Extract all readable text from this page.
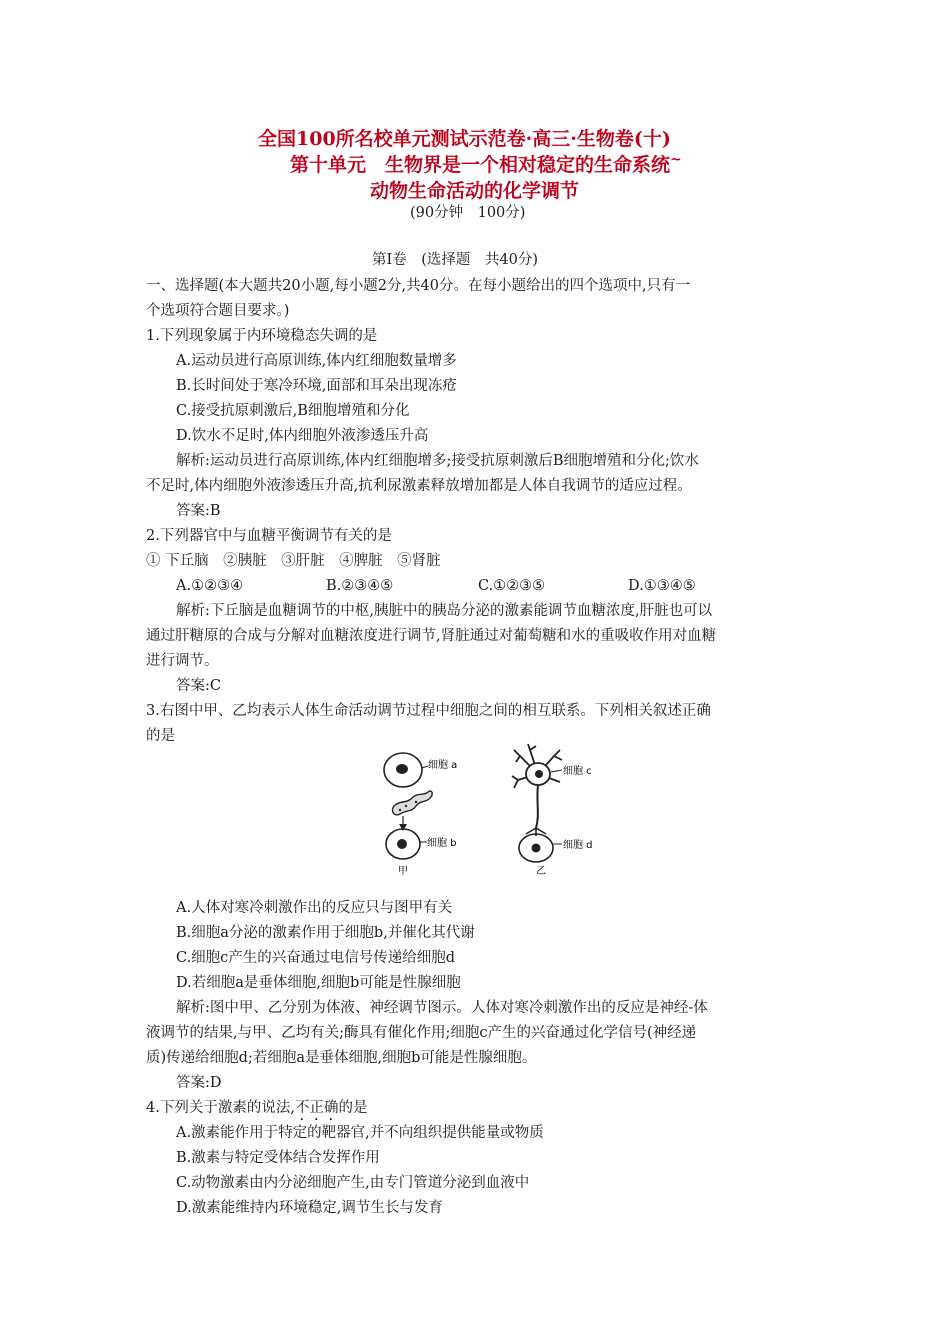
全国100所名校单元测试示范卷·高三·生物卷(十)
第十单元　生物界是一个相对稳定的生命系统~
动物生命活动的化学调节
(90分钟　100分)
第Ⅰ卷　(选择题　共40分)
一、选择题(本大题共20小题,每小题2分,共40分。在每小题给出的四个选项中,只有一
个选项符合题目要求。)
1.下列现象属于内环境稳态失调的是
A.运动员进行高原训练,体内红细胞数量增多
B.长时间处于寒冷环境,面部和耳朵出现冻疮
C.接受抗原刺激后,B细胞增殖和分化
D.饮水不足时,体内细胞外液渗透压升高
解析:运动员进行高原训练,体内红细胞增多;接受抗原刺激后B细胞增殖和分化;饮水
不足时,体内细胞外液渗透压升高,抗利尿激素释放增加都是人体自我调节的适应过程。
答案:B
2.下列器官中与血糖平衡调节有关的是
① 下丘脑　②胰脏　③肝脏　④脾脏　⑤肾脏
A.①②③④	B.②③④⑤	C.①②③⑤	D.①③④⑤
解析:下丘脑是血糖调节的中枢,胰脏中的胰岛分泌的激素能调节血糖浓度,肝脏也可以
通过肝糖原的合成与分解对血糖浓度进行调节,肾脏通过对葡萄糖和水的重吸收作用对血糖
进行调节。
答案:C
3.右图中甲、乙均表示人体生命活动调节过程中细胞之间的相互联系。下列相关叙述正确
的是
细胞 a
细胞 b
甲
细胞 c
细胞 d
乙
A.人体对寒冷刺激作出的反应只与图甲有关
B.细胞a分泌的激素作用于细胞b,并催化其代谢
C.细胞c产生的兴奋通过电信号传递给细胞d
D.若细胞a是垂体细胞,细胞b可能是性腺细胞
解析:图中甲、乙分别为体液、神经调节图示。人体对寒冷刺激作出的反应是神经-体
液调节的结果,与甲、乙均有关;酶具有催化作用;细胞c产生的兴奋通过化学信号(神经递
质)传递给细胞d;若细胞a是垂体细胞,细胞b可能是性腺细胞。
答案:D
4.下列关于激素的说法,不正确的是
A.激素能作用于特定的靶器官,并不向组织提供能量或物质
B.激素与特定受体结合发挥作用
C.动物激素由内分泌细胞产生,由专门管道分泌到血液中
D.激素能维持内环境稳定,调节生长与发育
